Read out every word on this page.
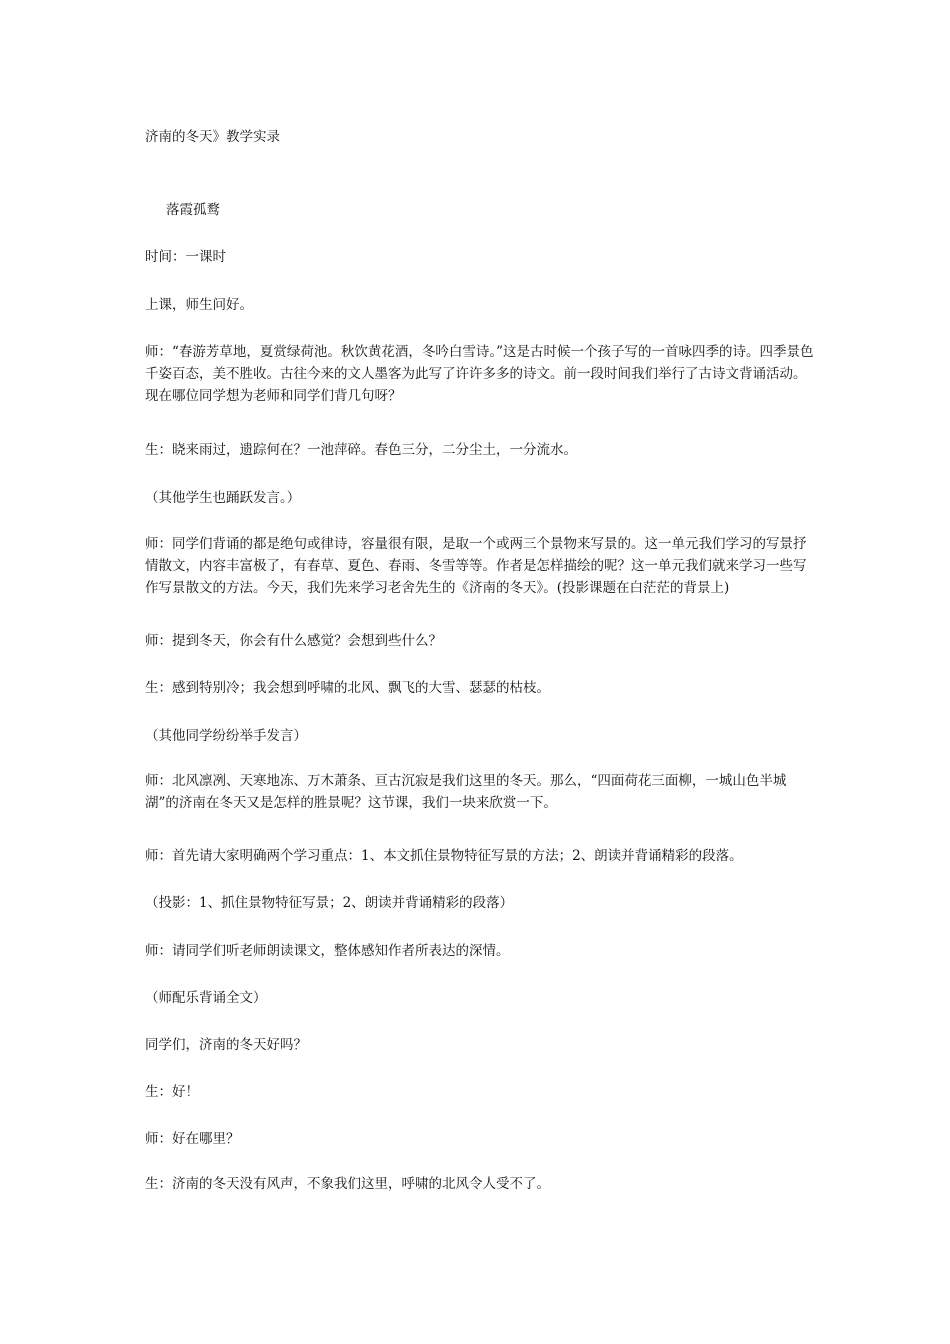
济南的冬天》教学实录

落霞孤鹜

时间：一课时

上课，师生问好。

师：“春游芳草地，夏赏绿荷池。秋饮黄花酒，冬吟白雪诗。”这是古时候一个孩子写的一首咏四季的诗。四季景色千姿百态，美不胜收。古往今来的文人墨客为此写了许许多多的诗文。前一段时间我们举行了古诗文背诵活动。现在哪位同学想为老师和同学们背几句呀？

生：晓来雨过，遗踪何在？一池萍碎。春色三分，二分尘土，一分流水。

（其他学生也踊跃发言。）

师：同学们背诵的都是绝句或律诗，容量很有限，是取一个或两三个景物来写景的。这一单元我们学习的写景抒情散文，内容丰富极了，有春草、夏色、春雨、冬雪等等。作者是怎样描绘的呢？这一单元我们就来学习一些写作写景散文的方法。今天，我们先来学习老舍先生的《济南的冬天》。(投影课题在白茫茫的背景上)

师：提到冬天，你会有什么感觉？会想到些什么？

生：感到特别冷；我会想到呼啸的北风、飘飞的大雪、瑟瑟的枯枝。

（其他同学纷纷举手发言）

师：北风凛冽、天寒地冻、万木萧条、亘古沉寂是我们这里的冬天。那么，“四面荷花三面柳，一城山色半城湖”的济南在冬天又是怎样的胜景呢？这节课，我们一块来欣赏一下。

师：首先请大家明确两个学习重点：1、本文抓住景物特征写景的方法；2、朗读并背诵精彩的段落。

（投影：1、抓住景物特征写景；2、朗读并背诵精彩的段落）

师：请同学们听老师朗读课文，整体感知作者所表达的深情。

（师配乐背诵全文）

同学们，济南的冬天好吗？

生：好！

师：好在哪里？

生：济南的冬天没有风声，不象我们这里，呼啸的北风令人受不了。
